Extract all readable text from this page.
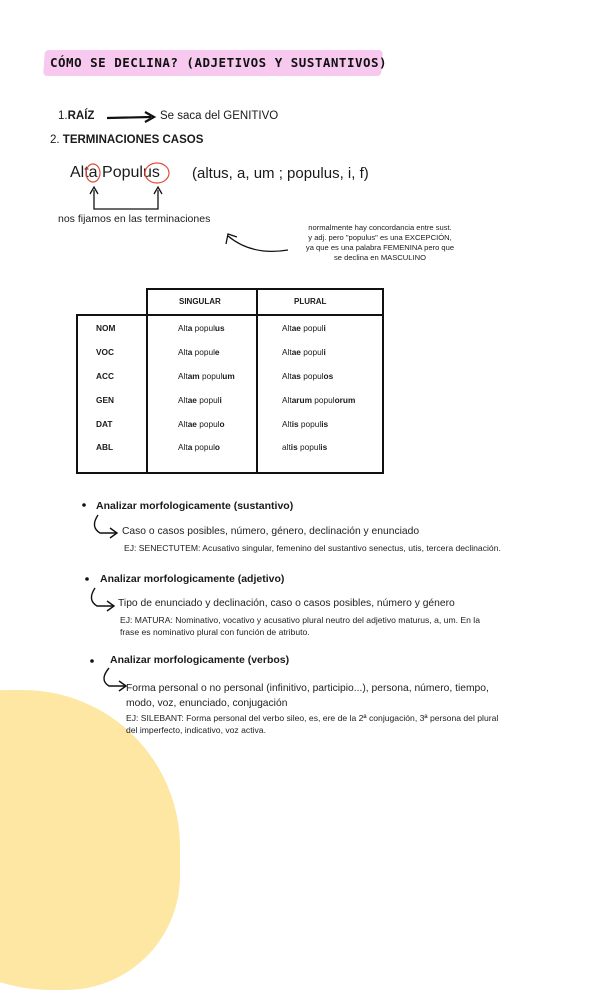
CÓMO SE DECLINA? (ADJETIVOS Y SUSTANTIVOS)
1.RAÍZ	Se saca del GENITIVO
2. TERMINACIONES CASOS
Alta Populus (altus, a, um ; populus, i, f)
nos fijamos en las terminaciones
normalmente hay concordancia entre sust.
y adj. pero "populus" es una EXCEPCIÓN,
ya que es una palabra FEMENINA pero que
se declina en MASCULINO
SINGULAR	PLURAL
NOM	Alta populus	Altae populi
VOC	Alta popule	Altae populi
ACC	Altam populum	Altas populos
GEN	Altae populi	Altarum populorum
DAT	Altae populo	Altis populis
ABL	Alta populo	altis populis
Analizar morfologicamente (sustantivo)
Caso o casos posibles, número, género, declinación y enunciado
EJ: SENECTUTEM: Acusativo singular, femenino del sustantivo senectus, utis, tercera declinación.
Analizar morfologicamente (adjetivo)
Tipo de enunciado y declinación, caso o casos posibles, número y género
EJ: MATURA: Nominativo, vocativo y acusativo plural neutro del adjetivo maturus, a, um. En la
frase es nominativo plural con función de atributo.
Analizar morfologicamente (verbos)
Forma personal o no personal (infinitivo, participio...), persona, número, tiempo,
modo, voz, enunciado, conjugación
EJ: SILEBANT: Forma personal del verbo sileo, es, ere de la 2ª conjugación, 3ª persona del plural
del imperfecto, indicativo, voz activa.
